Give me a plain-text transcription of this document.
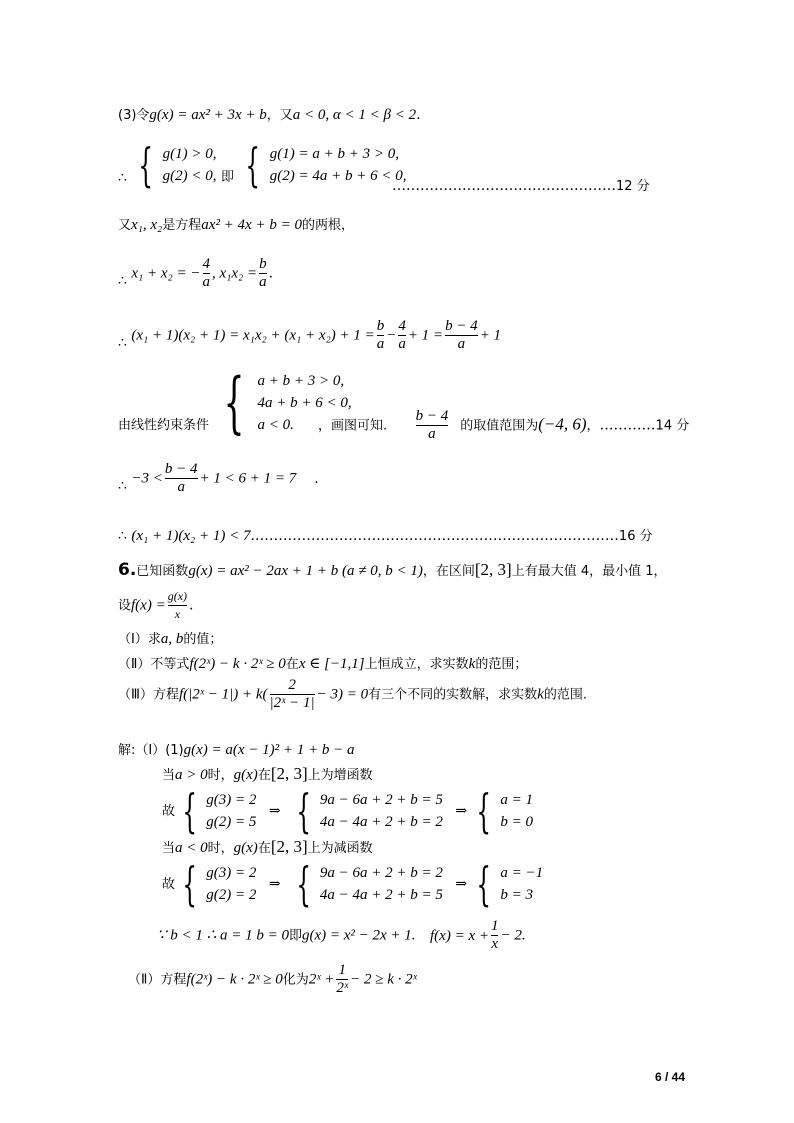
(3)令g(x) = ax² + 3x + b，又a < 0, α < 1 < β < 2.
∴ { g(1) > 0,
g(2) < 0, 即 { g(1) = a + b + 3 > 0,
g(2) = 4a + b + 6 < 0,
…………………………………………12 分
又x₁, x₂是方程ax² + 4x + b = 0的两根，
∴ x₁ + x₂ = − $\frac{4}{a}$ , $x_1x_2 = \frac{b}{a}$ .
∴ $(x_1 + 1)(x_2 + 1) = x_1x_2 + (x_1 + x_2) + 1 = \frac{b}{a} - \frac{4}{a} + 1 = \frac{b - 4}{a} + 1$
由线性约束条件 { a + b + 3 > 0,
4a + b + 6 < 0,
a < 0.	，画图可知. $\frac{b - 4}{a}$ 的取值范围为(−4, 6)，…………14 分
∴ $-3 < \frac{b - 4}{a} + 1 < 6 + 1 = 7$ .
∴ (x₁ + 1)(x₂ + 1) < 7.……………………………………………………………………16 分
6.已知函数g(x) = ax² − 2ax + 1 + b (a ≠ 0, b < 1)，在区间[2, 3]上有最大值 4，最小值 1，
设$f(x) = \frac{g(x)}{x}$ .
（Ⅰ）求a, b的值；
（Ⅱ）不等式f(2ˣ) − k · 2ˣ ≥ 0在x ∈ [−1,1]上恒成立，求实数k的范围；
（Ⅲ）方程f(|2ˣ − $1|) + k( \frac{2}{\text{|2ˣ − 1|}} - 3) = 0$有三个不同的实数解，求实数k的范围.
解:（Ⅰ）(1)g(x) = a(x − 1)² + 1 + b − a
当a > 0时，g(x)在[2, 3]上为增函数
故 { g(3) = 2
g(2) = 5
⇒ { 9a − 6a + 2 + b = 5
4a − 4a + 2 + b = 2
⇒ { a = 1
b = 0
当a < 0时，g(x)在[2, 3]上为减函数
故 { g(3) = 2
g(2) = 2
⇒ { 9a − 6a + 2 + b = 2
4a − 4a + 2 + b = 5
⇒ { a = −1
b = 3
∵ b < 1 ∴ a = 1 b = 0即g(x) = x² − 2x + 1. $f(x) = x + \frac{1}{x} - 2$.
（Ⅱ）方程f(2ˣ) − k · 2ˣ ≥ 0化为2ˣ + $\frac{1}{\text{2ˣ}} - 2 \ge k$ · 2ˣ
6 / 44
